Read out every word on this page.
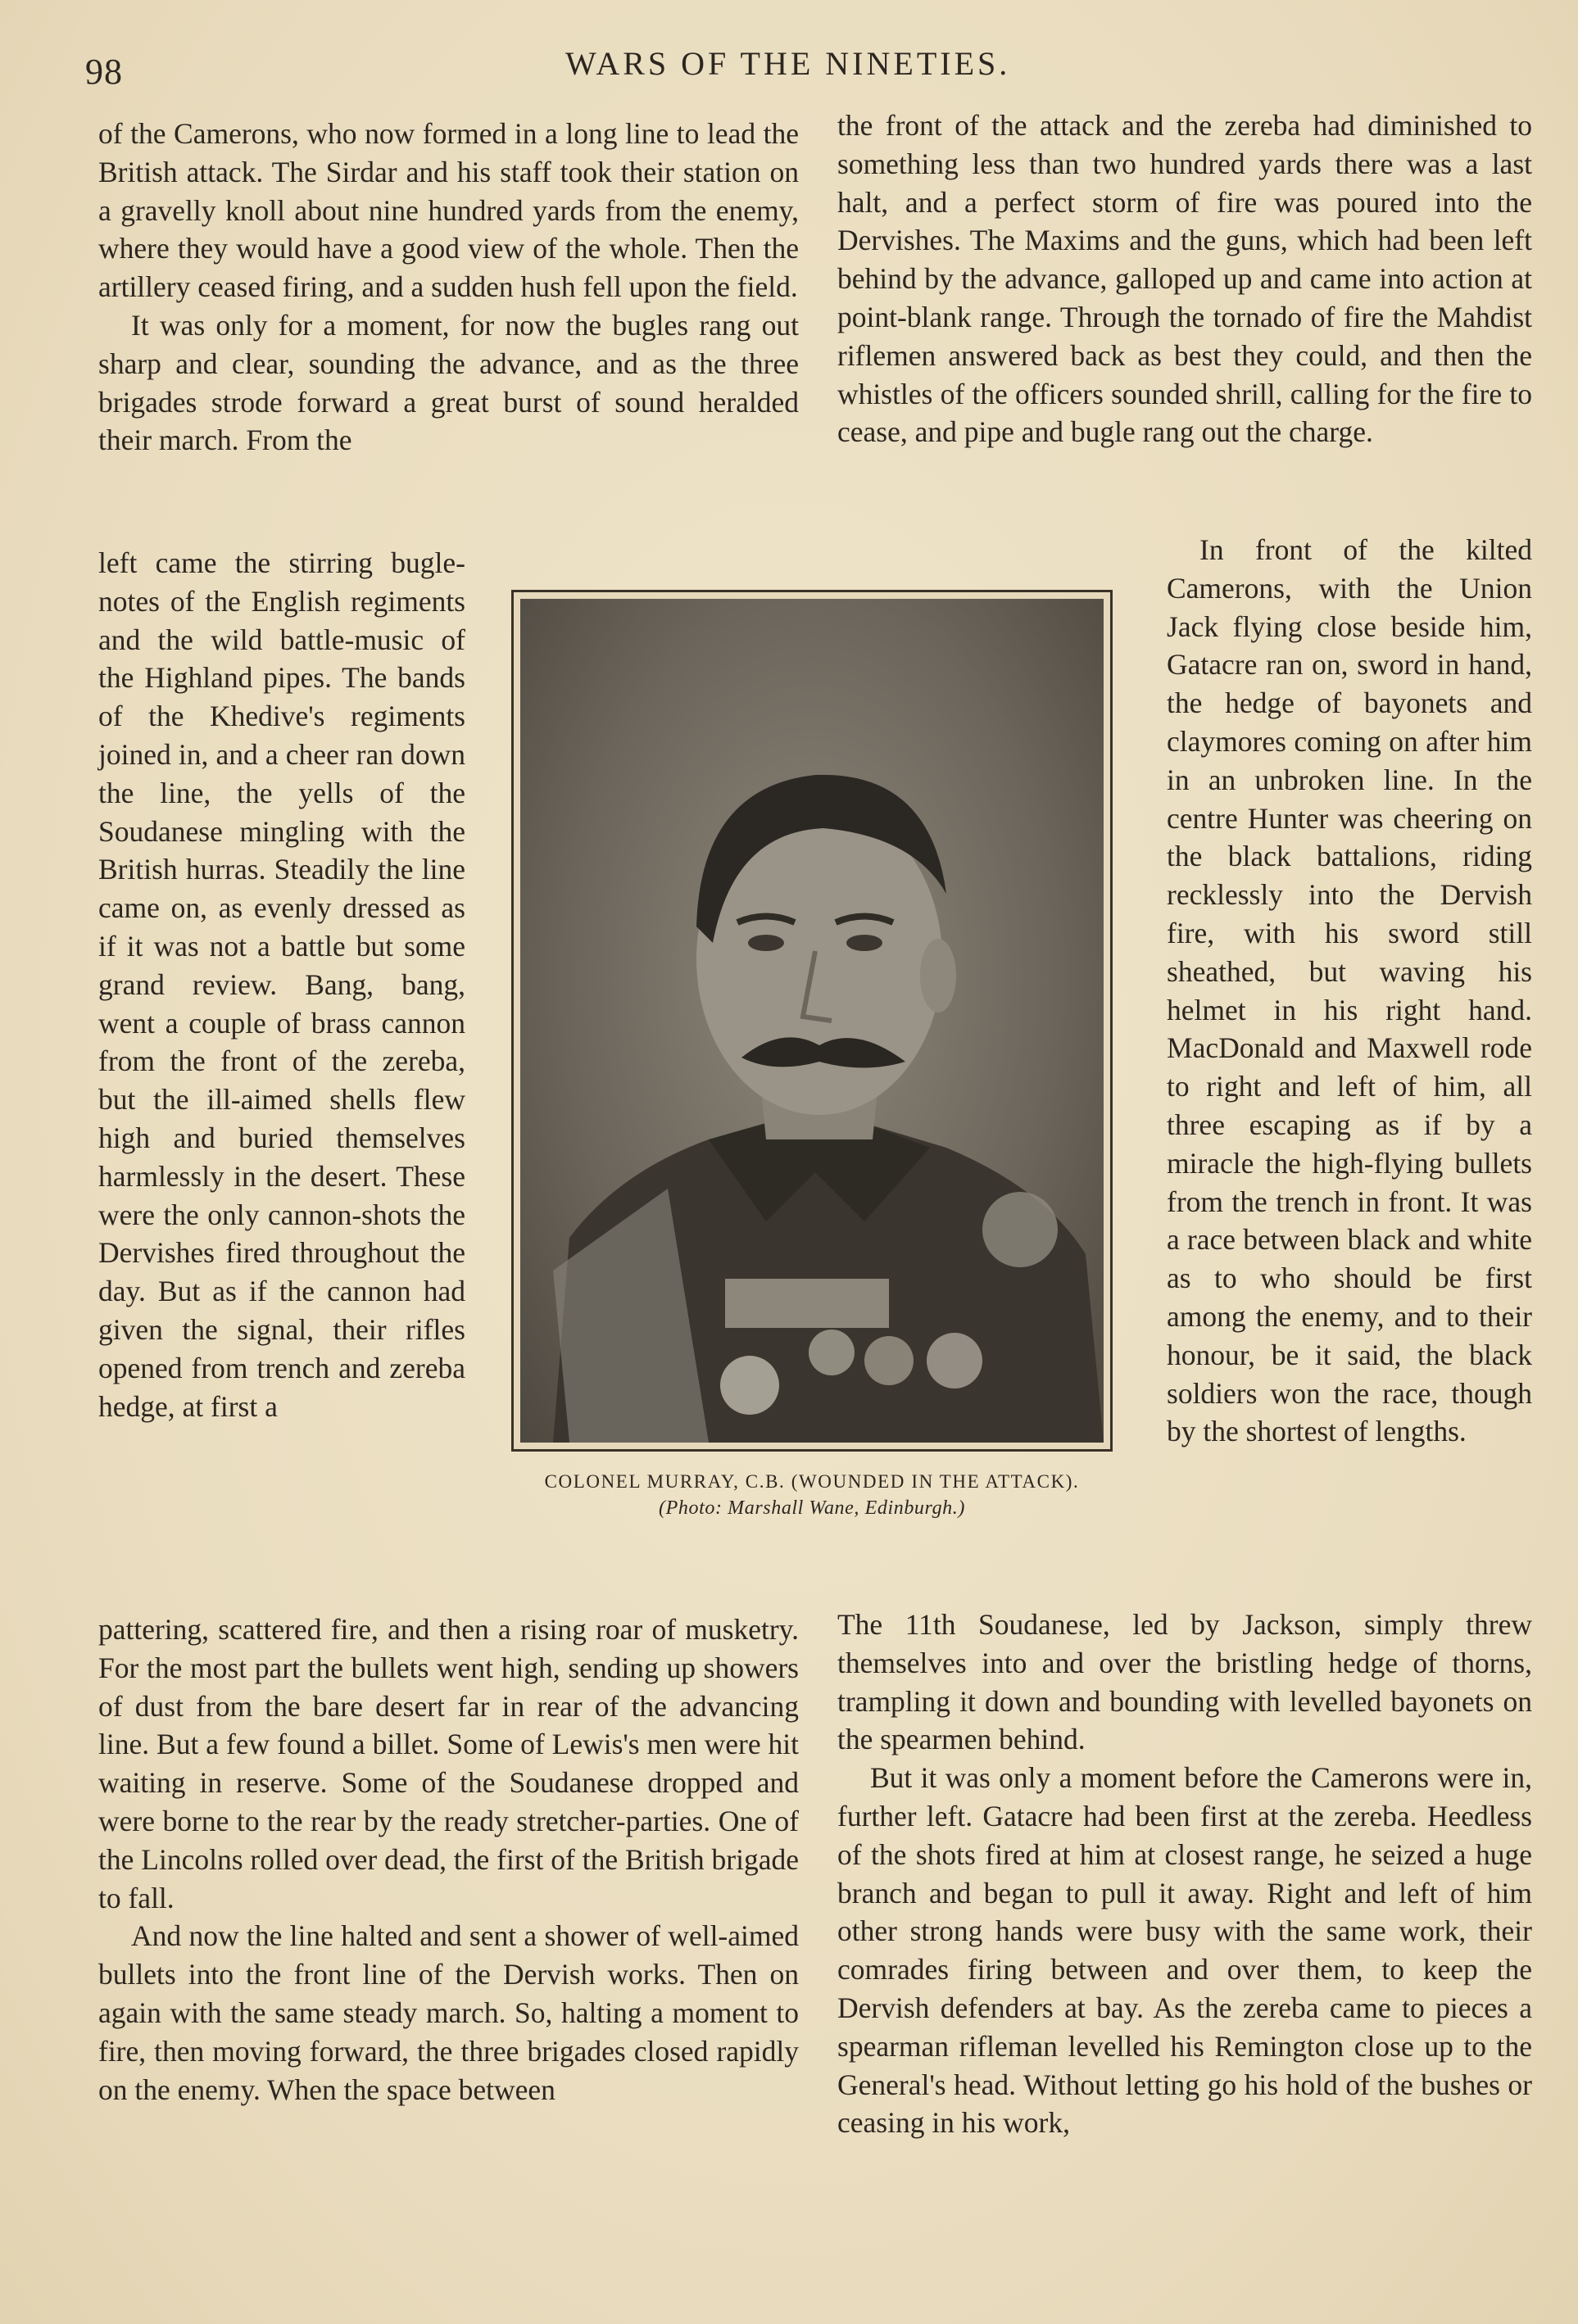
98	WARS OF THE NINETIES.

of the Camerons, who now formed in a long line to lead the British attack. The Sirdar and his staff took their station on a gravelly knoll about nine hundred yards from the enemy, where they would have a good view of the whole. Then the artillery ceased firing, and a sudden hush fell upon the field.

It was only for a moment, for now the bugles rang out sharp and clear, sounding the advance, and as the three brigades strode forward a great burst of sound heralded their march. From the

left came the stirring bugle-notes of the English regiments and the wild battle-music of the Highland pipes. The bands of the Khedive's regiments joined in, and a cheer ran down the line, the yells of the Soudanese mingling with the British hurras. Steadily the line came on, as evenly dressed as if it was not a battle but some grand review. Bang, bang, went a couple of brass cannon from the front of the zereba, but the ill-aimed shells flew high and buried themselves harmlessly in the desert. These were the only cannon-shots the Dervishes fired throughout the day. But as if the cannon had given the signal, their rifles opened from trench and zereba hedge, at first a

pattering, scattered fire, and then a rising roar of musketry. For the most part the bullets went high, sending up showers of dust from the bare desert far in rear of the advancing line. But a few found a billet. Some of Lewis's men were hit waiting in reserve. Some of the Soudanese dropped and were borne to the rear by the ready stretcher-parties. One of the Lincolns rolled over dead, the first of the British brigade to fall.

And now the line halted and sent a shower of well-aimed bullets into the front line of the Dervish works. Then on again with the same steady march. So, halting a moment to fire, then moving forward, the three brigades closed rapidly on the enemy. When the space between

the front of the attack and the zereba had diminished to something less than two hundred yards there was a last halt, and a perfect storm of fire was poured into the Dervishes. The Maxims and the guns, which had been left behind by the advance, galloped up and came into action at point-blank range. Through the tornado of fire the Mahdist riflemen answered back as best they could, and then the whistles of the officers sounded shrill, calling for the fire to cease, and pipe and bugle rang out the charge.

In front of the kilted Camerons, with the Union Jack flying close beside him, Gatacre ran on, sword in hand, the hedge of bayonets and claymores coming on after him in an unbroken line. In the centre Hunter was cheering on the black battalions, riding recklessly into the Dervish fire, with his sword still sheathed, but waving his helmet in his right hand. MacDonald and Maxwell rode to right and left of him, all three escaping as if by a miracle the high-flying bullets from the trench in front. It was a race between black and white as to who should be first among the enemy, and to their honour, be it said, the black soldiers won the race, though by the shortest of lengths.

The 11th Soudanese, led by Jackson, simply threw themselves into and over the bristling hedge of thorns, trampling it down and bounding with levelled bayonets on the spearmen behind.

But it was only a moment before the Camerons were in, further left. Gatacre had been first at the zereba. Heedless of the shots fired at him at closest range, he seized a huge branch and began to pull it away. Right and left of him other strong hands were busy with the same work, their comrades firing between and over them, to keep the Dervish defenders at bay. As the zereba came to pieces a spearman rifleman levelled his Remington close up to the General's head. Without letting go his hold of the bushes or ceasing in his work,

COLONEL MURRAY, C.B. (WOUNDED IN THE ATTACK).
(Photo: Marshall Wane, Edinburgh.)
